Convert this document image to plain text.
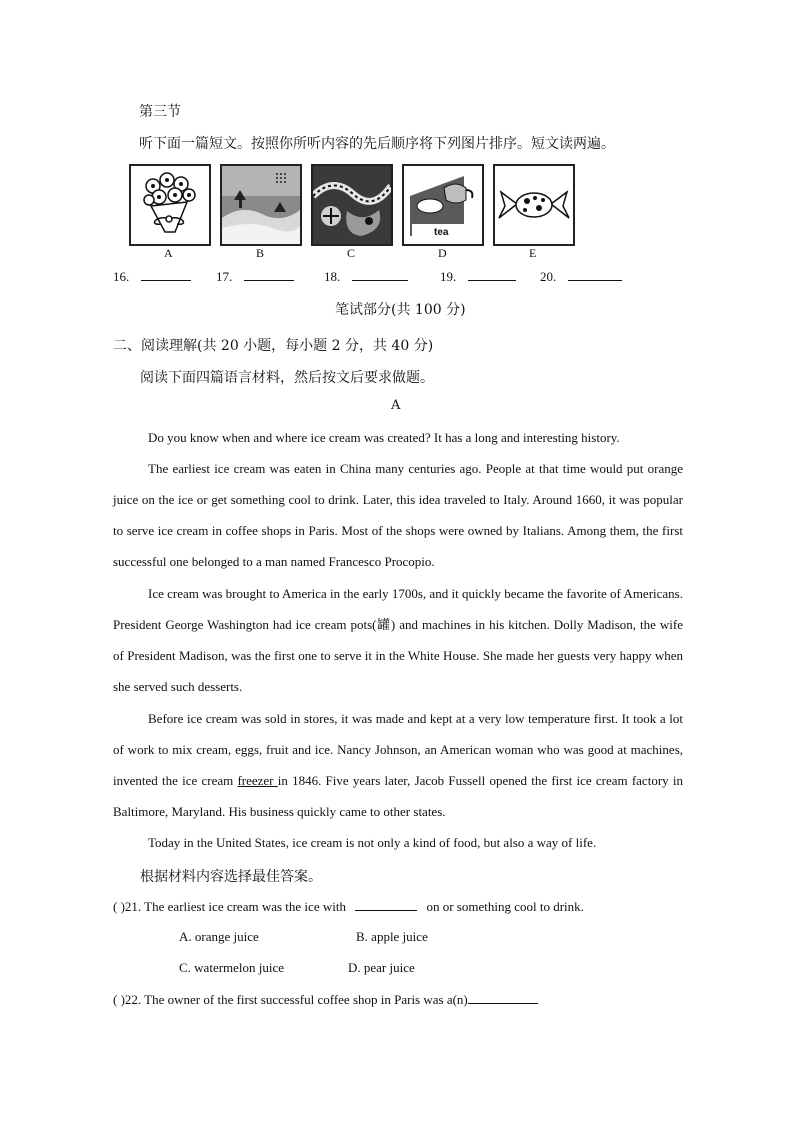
第三节
听下面一篇短文。按照你所听内容的先后顺序将下列图片排序。短文读两遍。
A	B	C
tea
D	E
16.	17.	18.	19.	20.
笔试部分(共 100 分)
二、阅读理解(共 20 小题，每小题 2 分，共 40 分)
阅读下面四篇语言材料，然后按文后要求做题。
A
Do you know when and where ice cream was created? It has a long and interesting history.
The earliest ice cream was eaten in China many centuries ago. People at that time would put orange juice on the ice or get something cool to drink. Later, this idea traveled to Italy. Around 1660, it was popular to serve ice cream in coffee shops in Paris. Most of the shops were owned by Italians. Among them, the first successful one belonged to a man named Francesco Procopio.
Ice cream was brought to America in the early 1700s, and it quickly became the favorite of Americans. President George Washington had ice cream pots(罐) and machines in his kitchen. Dolly Madison, the wife of President Madison, was the first one to serve it in the White House. She made her guests very happy when she served such desserts.
Before ice cream was sold in stores, it was made and kept at a very low temperature first. It took a lot of work to mix cream, eggs, fruit and ice. Nancy Johnson, an American woman who was good at machines, invented the ice cream freezer in 1846. Five years later, Jacob Fussell opened the first ice cream factory in Baltimore, Maryland. His business quickly came to other states.
Today in the United States, ice cream is not only a kind of food, but also a way of life.
根据材料内容选择最佳答案。
( )21. The earliest ice cream was the ice with	on or something cool to drink.
A. orange juice	B. apple juice
C. watermelon juice	D. pear juice
( )22. The owner of the first successful coffee shop in Paris was a(n)
